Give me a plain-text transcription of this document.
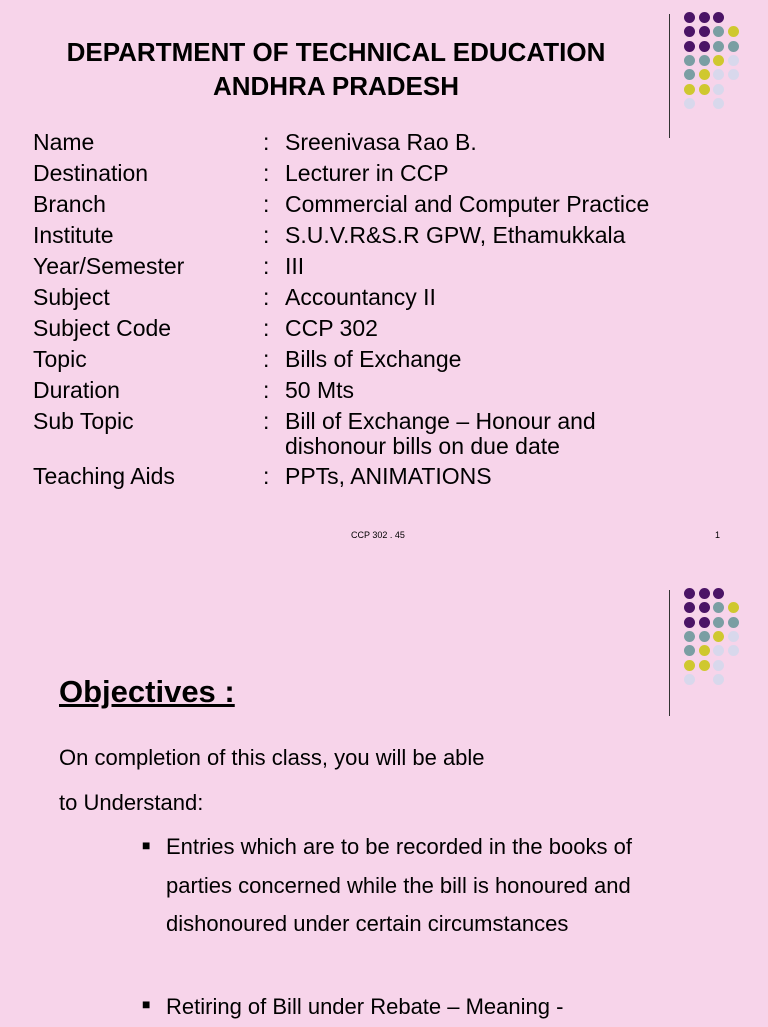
DEPARTMENT OF TECHNICAL EDUCATION
ANDHRA PRADESH
Name	: Sreenivasa Rao B.
Destination	: Lecturer in CCP
Branch	: Commercial and Computer Practice
Institute	: S.U.V.R&S.R GPW, Ethamukkala
Year/Semester	: III
Subject	: Accountancy II
Subject Code	: CCP 302
Topic	: Bills of Exchange
Duration	: 50 Mts
Sub Topic	: Bill of Exchange – Honour and
dishonour bills on due date
Teaching Aids	: PPTs, ANIMATIONS
CCP 302 . 45	1
Objectives :
On completion of this class, you will be able
to Understand:
■ Entries which are to be recorded in the books of parties concerned while the bill is honoured and dishonoured under certain circumstances
■ Retiring of Bill under Rebate – Meaning -
